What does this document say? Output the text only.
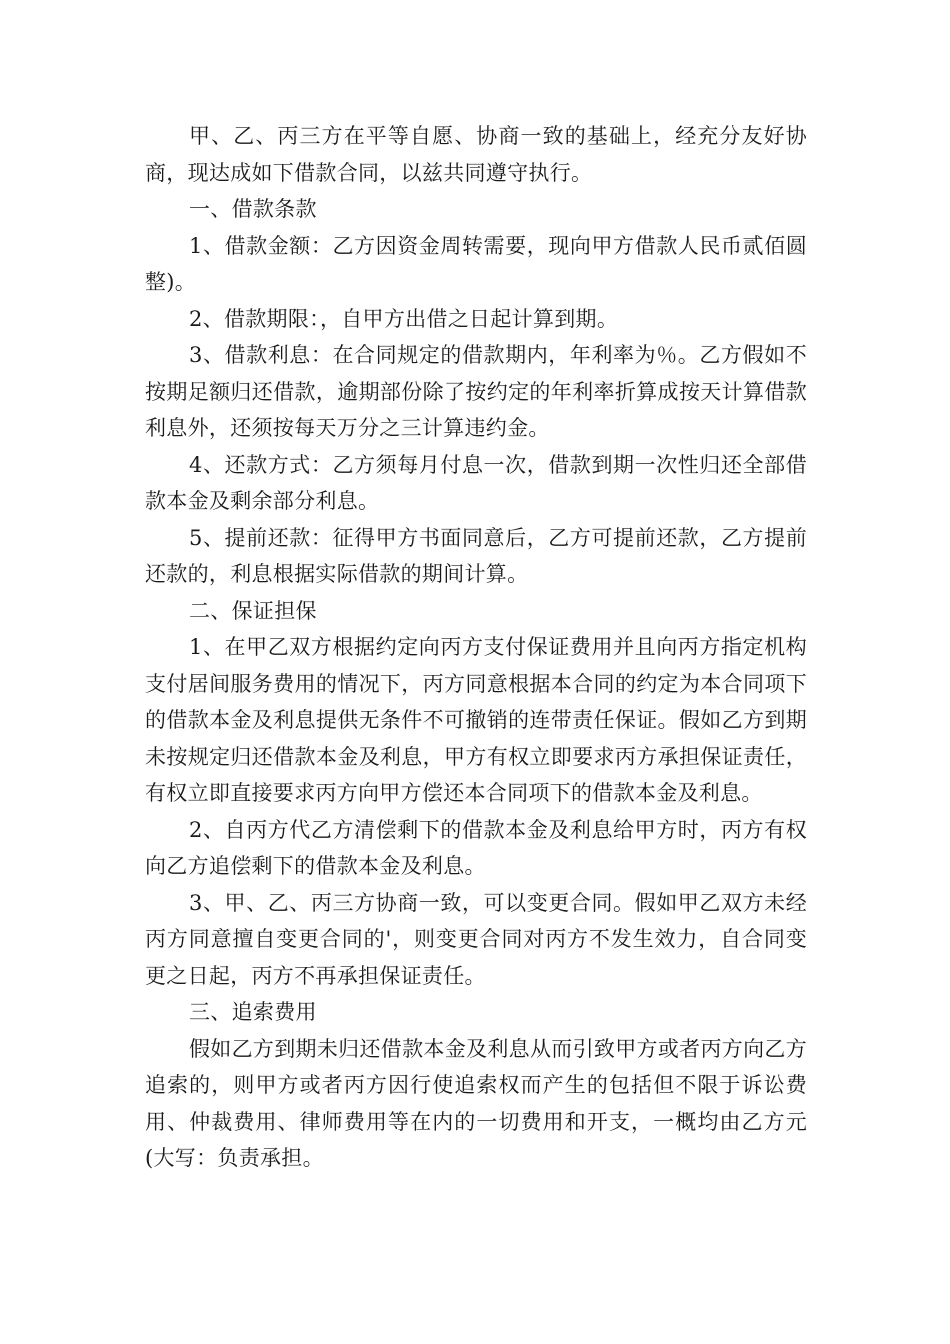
甲、乙、丙三方在平等自愿、协商一致的基础上，经充分友好协商，现达成如下借款合同，以兹共同遵守执行。

一、借款条款

1、借款金额：乙方因资金周转需要，现向甲方借款人民币贰佰圆整)。

2、借款期限：，自甲方出借之日起计算到期。

3、借款利息：在合同规定的借款期内，年利率为％。乙方假如不按期足额归还借款，逾期部份除了按约定的年利率折算成按天计算借款利息外，还须按每天万分之三计算违约金。

4、还款方式：乙方须每月付息一次，借款到期一次性归还全部借款本金及剩余部分利息。

5、提前还款：征得甲方书面同意后，乙方可提前还款，乙方提前还款的，利息根据实际借款的期间计算。

二、保证担保

1、在甲乙双方根据约定向丙方支付保证费用并且向丙方指定机构支付居间服务费用的情况下，丙方同意根据本合同的约定为本合同项下的借款本金及利息提供无条件不可撤销的连带责任保证。假如乙方到期未按规定归还借款本金及利息，甲方有权立即要求丙方承担保证责任，有权立即直接要求丙方向甲方偿还本合同项下的借款本金及利息。

2、自丙方代乙方清偿剩下的借款本金及利息给甲方时，丙方有权向乙方追偿剩下的借款本金及利息。

3、甲、乙、丙三方协商一致，可以变更合同。假如甲乙双方未经丙方同意擅自变更合同的'，则变更合同对丙方不发生效力，自合同变更之日起，丙方不再承担保证责任。

三、追索费用

假如乙方到期未归还借款本金及利息从而引致甲方或者丙方向乙方追索的，则甲方或者丙方因行使追索权而产生的包括但不限于诉讼费用、仲裁费用、律师费用等在内的一切费用和开支，一概均由乙方元(大写：负责承担。
